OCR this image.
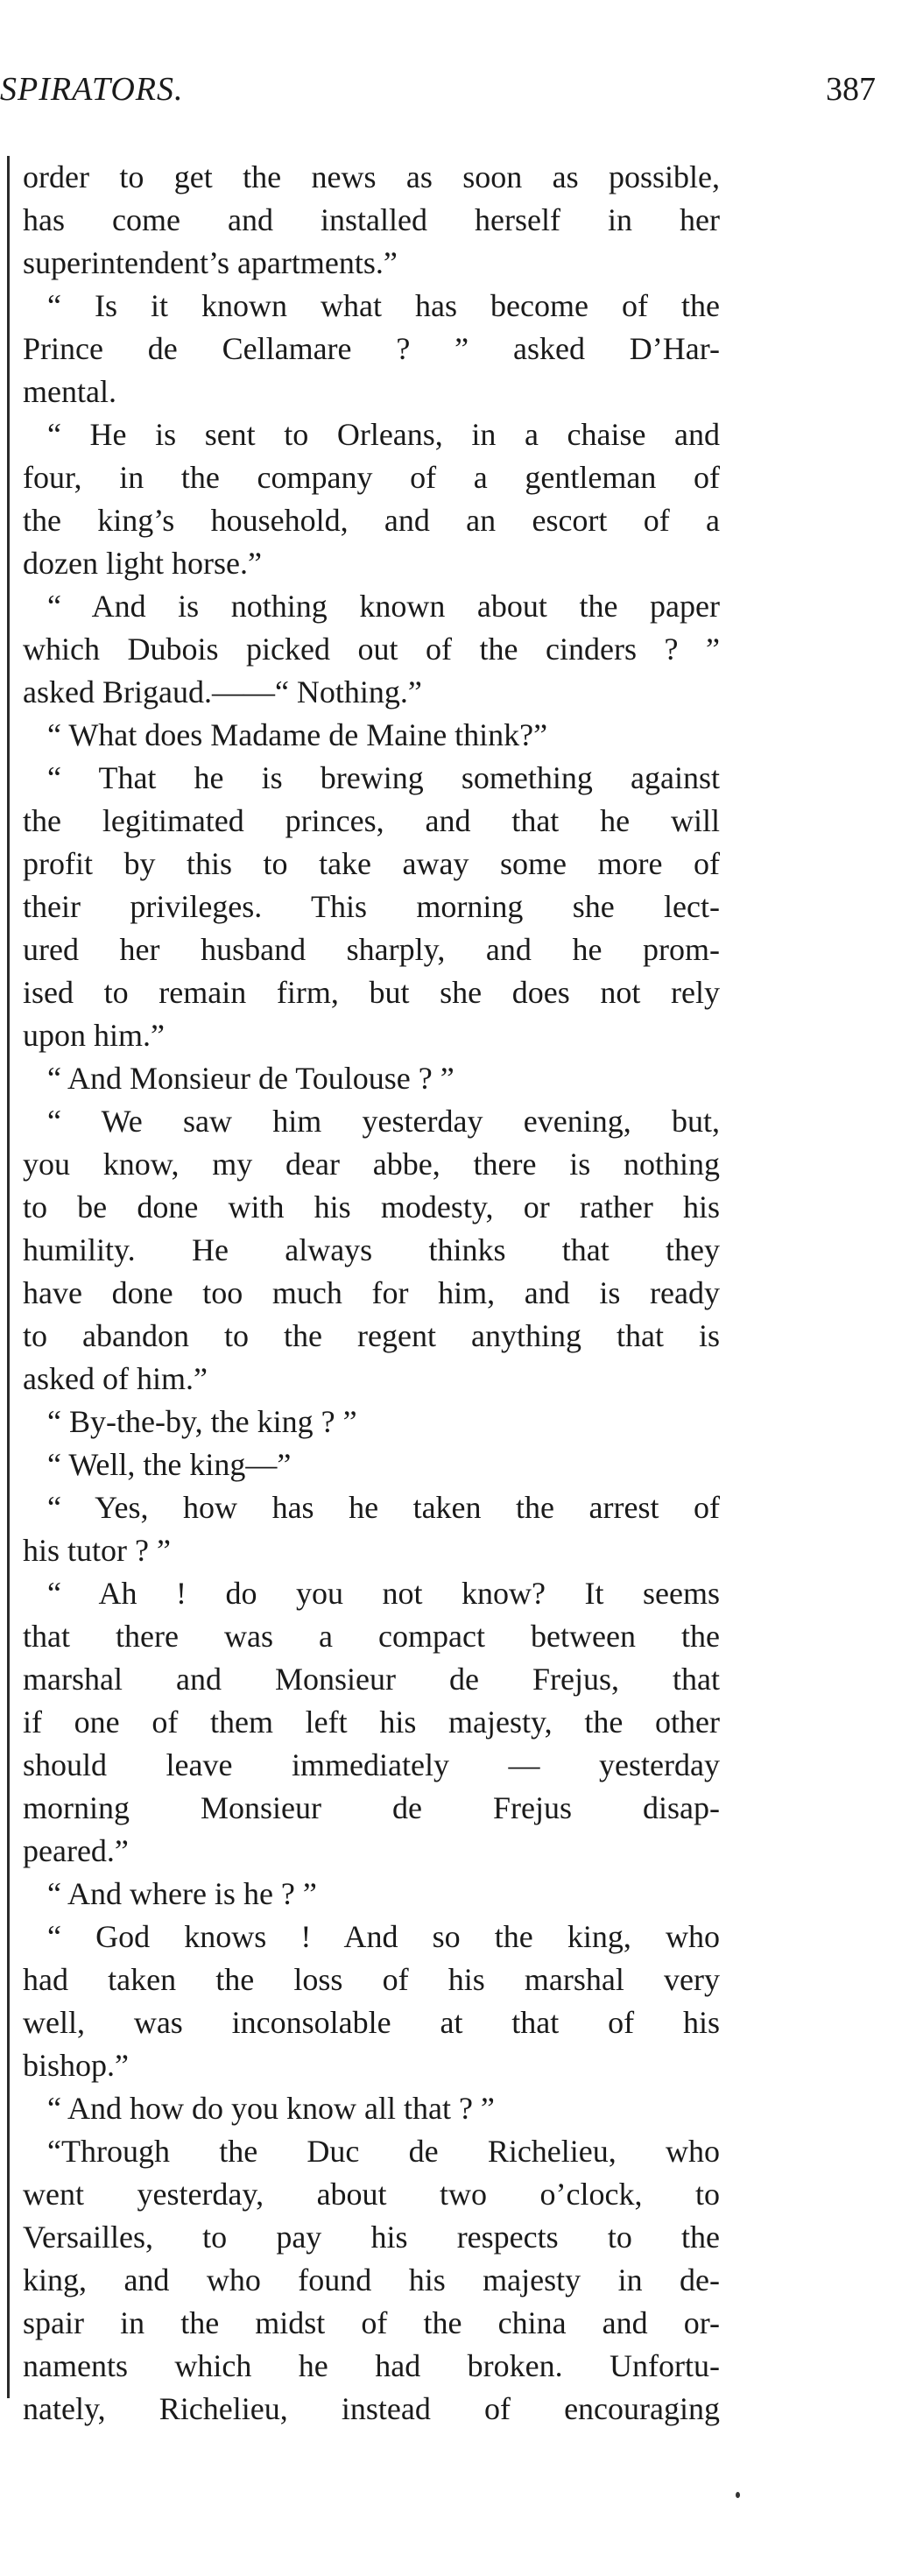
SPIRATORS.	387
order to get the news as soon as possible,
has come and installed herself in her
superintendent’s apartments.”
“ Is it known what has become of the
Prince de Cellamare ? ” asked D’Har-
mental.
“ He is sent to Orleans, in a chaise and
four, in the company of a gentleman of
the king’s household, and an escort of a
dozen light horse.”
“ And is nothing known about the paper
which Dubois picked out of the cinders ? ”
asked Brigaud.——“ Nothing.”
“ What does Madame de Maine think?”
“ That he is brewing something against
the legitimated princes, and that he will
profit by this to take away some more of
their privileges. This morning she lect-
ured her husband sharply, and he prom-
ised to remain firm, but she does not rely
upon him.”
“ And Monsieur de Toulouse ? ”
“ We saw him yesterday evening, but,
you know, my dear abbe, there is nothing
to be done with his modesty, or rather his
humility. He always thinks that they
have done too much for him, and is ready
to abandon to the regent anything that is
asked of him.”
“ By-the-by, the king ? ”
“ Well, the king—”
“ Yes, how has he taken the arrest of
his tutor ? ”
“ Ah ! do you not know? It seems
that there was a compact between the
marshal and Monsieur de Frejus, that
if one of them left his majesty, the other
should leave immediately — yesterday
morning Monsieur de Frejus disap-
peared.”
“ And where is he ? ”
“ God knows ! And so the king, who
had taken the loss of his marshal very
well, was inconsolable at that of his
bishop.”
“ And how do you know all that ? ”
“Through the Duc de Richelieu, who
went yesterday, about two o’clock, to
Versailles, to pay his respects to the
king, and who found his majesty in de-
spair in the midst of the china and or-
naments which he had broken. Unfortu-
nately, Richelieu, instead of encouraging
